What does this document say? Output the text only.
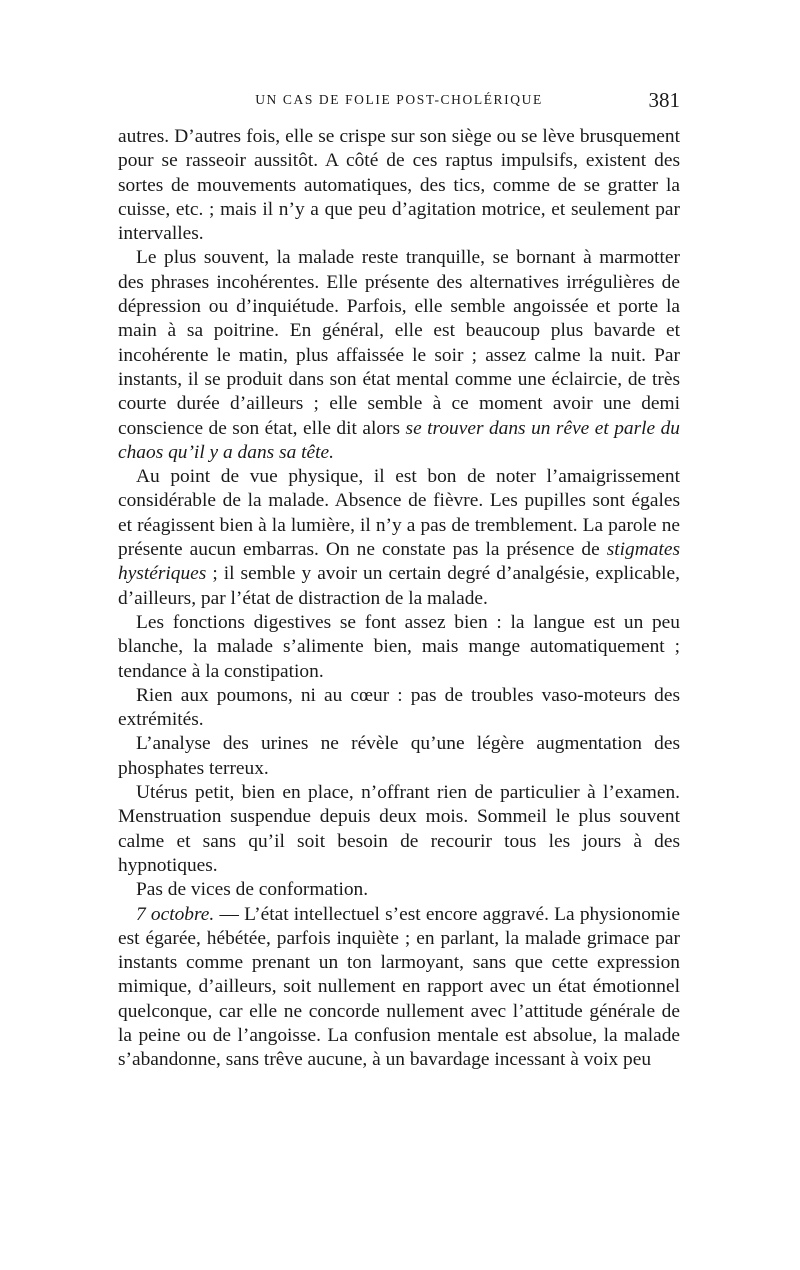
UN CAS DE FOLIE POST-CHOLÉRIQUE	381

autres. D’autres fois, elle se crispe sur son siège ou se lève brusquement pour se rasseoir aussitôt. A côté de ces raptus impulsifs, existent des sortes de mouvements automatiques, des tics, comme de se gratter la cuisse, etc. ; mais il n’y a que peu d’agitation motrice, et seulement par intervalles.

Le plus souvent, la malade reste tranquille, se bornant à marmotter des phrases incohérentes. Elle présente des alternatives irrégulières de dépression ou d’inquiétude. Parfois, elle semble angoissée et porte la main à sa poitrine. En général, elle est beaucoup plus bavarde et incohérente le matin, plus affaissée le soir ; assez calme la nuit. Par instants, il se produit dans son état mental comme une éclaircie, de très courte durée d’ailleurs ; elle semble à ce moment avoir une demi conscience de son état, elle dit alors se trouver dans un rêve et parle du chaos qu’il y a dans sa tête.

Au point de vue physique, il est bon de noter l’amaigrissement considérable de la malade. Absence de fièvre. Les pupilles sont égales et réagissent bien à la lumière, il n’y a pas de tremblement. La parole ne présente aucun embarras. On ne constate pas la présence de stigmates hystériques ; il semble y avoir un certain degré d’analgésie, explicable, d’ailleurs, par l’état de distraction de la malade.

Les fonctions digestives se font assez bien : la langue est un peu blanche, la malade s’alimente bien, mais mange automatiquement ; tendance à la constipation.

Rien aux poumons, ni au cœur : pas de troubles vaso-moteurs des extrémités.

L’analyse des urines ne révèle qu’une légère augmentation des phosphates terreux.

Utérus petit, bien en place, n’offrant rien de particulier à l’examen. Menstruation suspendue depuis deux mois. Sommeil le plus souvent calme et sans qu’il soit besoin de recourir tous les jours à des hypnotiques.

Pas de vices de conformation.

7 octobre. — L’état intellectuel s’est encore aggravé. La physionomie est égarée, hébétée, parfois inquiète ; en parlant, la malade grimace par instants comme prenant un ton larmoyant, sans que cette expression mimique, d’ailleurs, soit nullement en rapport avec un état émotionnel quelconque, car elle ne concorde nullement avec l’attitude générale de la peine ou de l’angoisse. La confusion mentale est absolue, la malade s’abandonne, sans trêve aucune, à un bavardage incessant à voix peu
